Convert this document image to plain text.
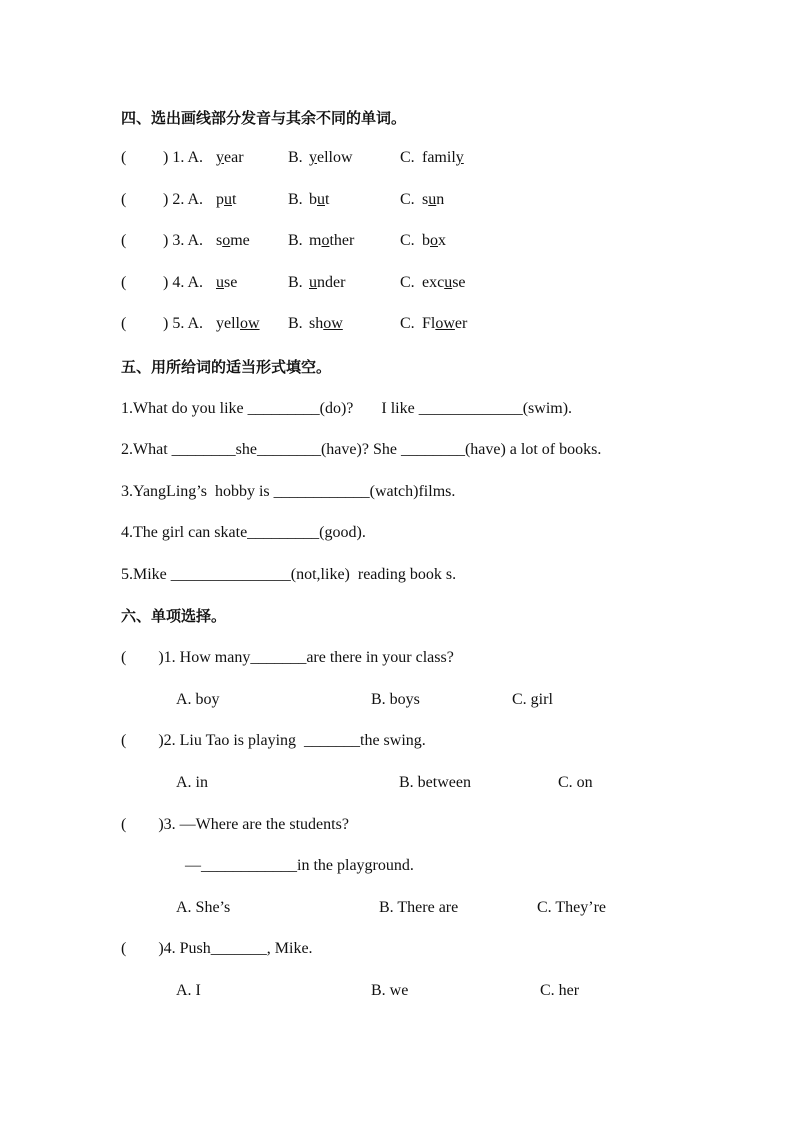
四、选出画线部分发音与其余不同的单词。
( ) 1. A. year	B. yellow	C. family
( ) 2. A. put	B. but	C. sun
( ) 3. A. some B. mother	C. box
( ) 4. A. use	B. under	C. excuse
( ) 5. A. yellow B. show	C. Flower
五、用所给词的适当形式填空。
1.What do you like _________(do)?       I like _____________(swim).
2.What ________she________(have)? She ________(have) a lot of books.
3.YangLing’s  hobby is ____________(watch)films.
4.The girl can skate_________(good).
5.Mike _______________(not,like)  reading book s.
六、单项选择。
(        )1. How many_______are there in your class?
A. boy	B. boys	C. girl
(        )2. Liu Tao is playing  _______the swing.
A. in	B. between	C. on
(        )3. —Where are the students?
—____________in the playground.
A. She’s	B. There are	C. They’re
(        )4. Push_______, Mike.
A. I	B. we	C. her
